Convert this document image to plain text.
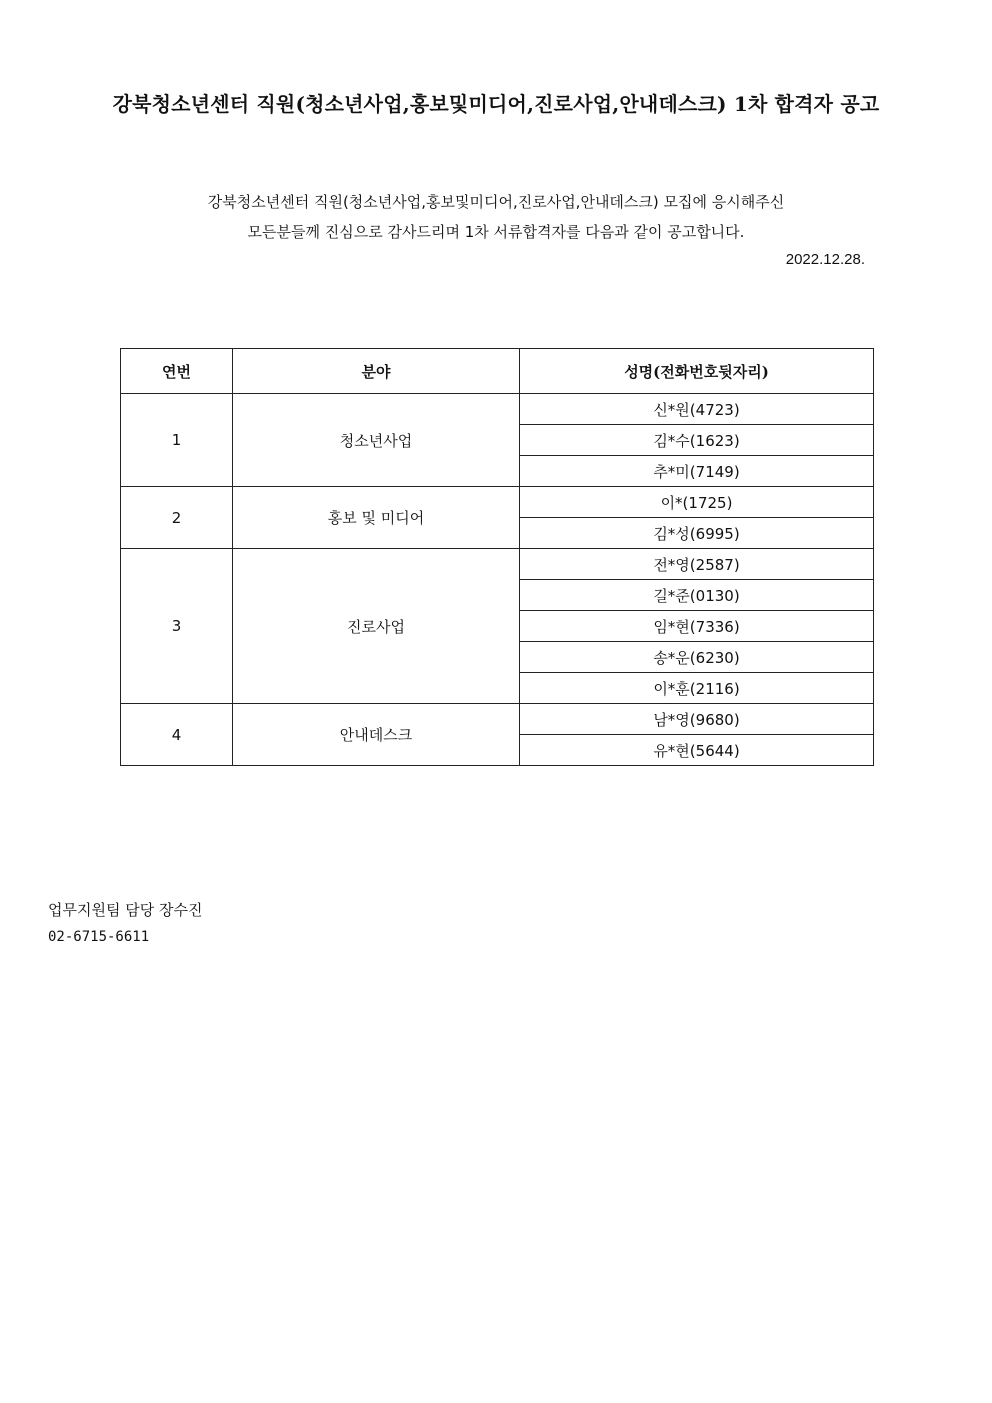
강북청소년센터 직원(청소년사업,홍보및미디어,진로사업,안내데스크) 1차 합격자 공고
강북청소년센터 직원(청소년사업,홍보및미디어,진로사업,안내데스크) 모집에 응시해주신
모든분들께 진심으로 감사드리며 1차 서류합격자를 다음과 같이 공고합니다.
2022.12.28.
연번	분야	성명(전화번호뒷자리)
1	청소년사업	신*원(4723)
		김*수(1623)
		추*미(7149)
2	홍보 및 미디어	이*(1725)
		김*성(6995)
3	진로사업	전*영(2587)
		길*준(0130)
		임*현(7336)
		송*운(6230)
		이*훈(2116)
4	안내데스크	남*영(9680)
		유*현(5644)
업무지원팀 담당 장수진
02-6715-6611
